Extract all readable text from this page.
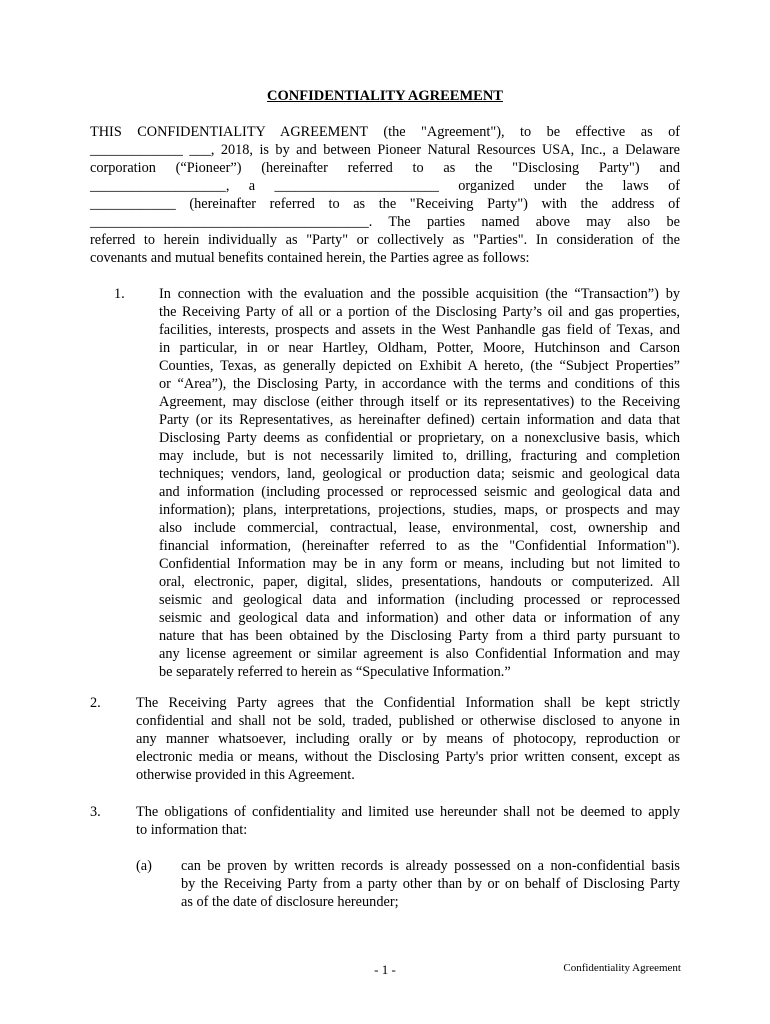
CONFIDENTIALITY AGREEMENT
THIS CONFIDENTIALITY AGREEMENT (the "Agreement"), to be effective as of
_____________ ___, 2018, is by and between Pioneer Natural Resources USA, Inc., a Delaware
corporation (“Pioneer”) (hereinafter referred to as the "Disclosing Party") and
___________________, a _______________________ organized under the laws of
____________ (hereinafter referred to as the "Receiving Party") with the address of
_______________________________________. The parties named above may also be
referred to herein individually as "Party" or collectively as "Parties". In consideration of the
covenants and mutual benefits contained herein, the Parties agree as follows:
1. In connection with the evaluation and the possible acquisition (the “Transaction”) by
the Receiving Party of all or a portion of the Disclosing Party’s oil and gas properties,
facilities, interests, prospects and assets in the West Panhandle gas field of Texas, and
in particular, in or near Hartley, Oldham, Potter, Moore, Hutchinson and Carson
Counties, Texas, as generally depicted on Exhibit A hereto, (the “Subject Properties”
or “Area”), the Disclosing Party, in accordance with the terms and conditions of this
Agreement, may disclose (either through itself or its representatives) to the Receiving
Party (or its Representatives, as hereinafter defined) certain information and data that
Disclosing Party deems as confidential or proprietary, on a nonexclusive basis, which
may include, but is not necessarily limited to, drilling, fracturing and completion
techniques; vendors, land, geological or production data; seismic and geological data
and information (including processed or reprocessed seismic and geological data and
information); plans, interpretations, projections, studies, maps, or prospects and may
also include commercial, contractual, lease, environmental, cost, ownership and
financial information, (hereinafter referred to as the "Confidential Information").
Confidential Information may be in any form or means, including but not limited to
oral, electronic, paper, digital, slides, presentations, handouts or computerized. All
seismic and geological data and information (including processed or reprocessed
seismic and geological data and information) and other data or information of any
nature that has been obtained by the Disclosing Party from a third party pursuant to
any license agreement or similar agreement is also Confidential Information and may
be separately referred to herein as “Speculative Information.”
2. The Receiving Party agrees that the Confidential Information shall be kept strictly
confidential and shall not be sold, traded, published or otherwise disclosed to anyone in
any manner whatsoever, including orally or by means of photocopy, reproduction or
electronic media or means, without the Disclosing Party's prior written consent, except as
otherwise provided in this Agreement.
3. The obligations of confidentiality and limited use hereunder shall not be deemed to apply
to information that:
(a) can be proven by written records is already possessed on a non-confidential basis
by the Receiving Party from a party other than by or on behalf of Disclosing Party
as of the date of disclosure hereunder;
- 1 -	Confidentiality Agreement
